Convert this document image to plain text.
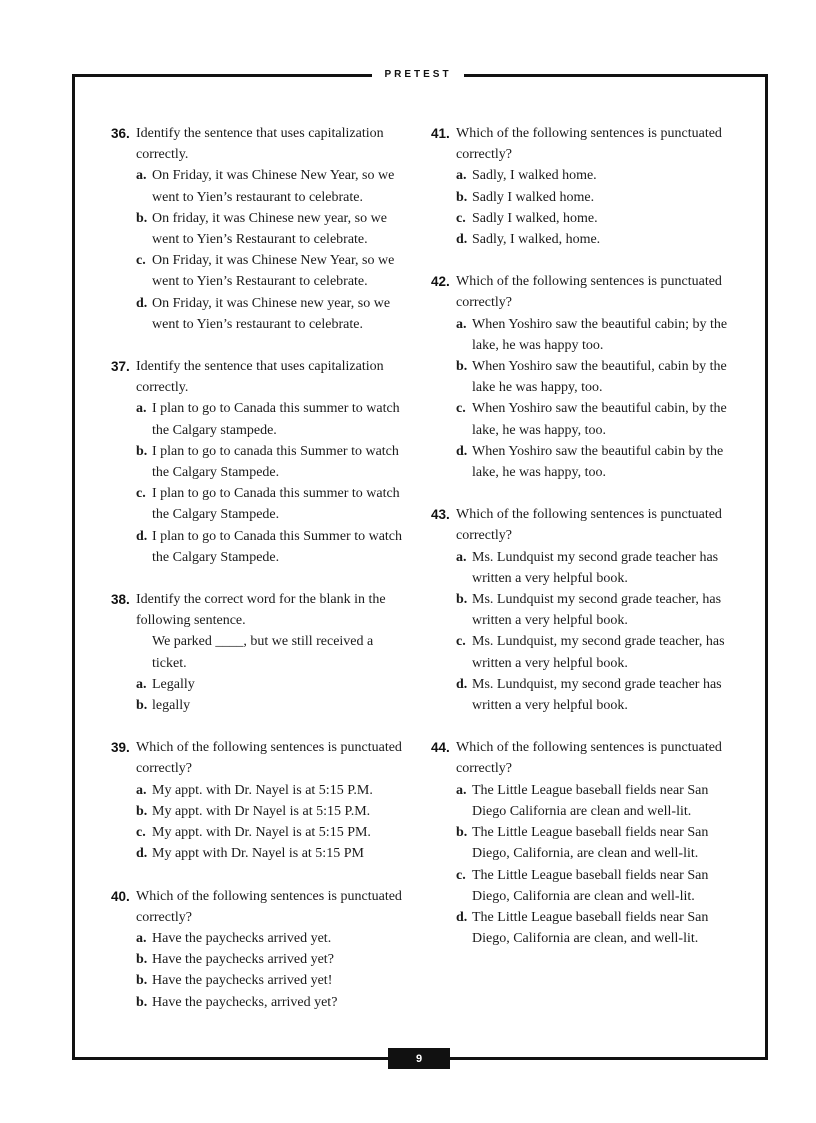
PRETEST
9
36. Identify the sentence that uses capitalization correctly.
a. On Friday, it was Chinese New Year, so we went to Yien’s restaurant to celebrate.
b. On friday, it was Chinese new year, so we went to Yien’s Restaurant to celebrate.
c. On Friday, it was Chinese New Year, so we went to Yien’s Restaurant to celebrate.
d. On Friday, it was Chinese new year, so we went to Yien’s restaurant to celebrate.
37. Identify the sentence that uses capitalization correctly.
a. I plan to go to Canada this summer to watch the Calgary stampede.
b. I plan to go to canada this Summer to watch the Calgary Stampede.
c. I plan to go to Canada this summer to watch the Calgary Stampede.
d. I plan to go to Canada this Summer to watch the Calgary Stampede.
38. Identify the correct word for the blank in the following sentence.
We parked ____, but we still received a ticket.
a. Legally
b. legally
39. Which of the following sentences is punctuated correctly?
a. My appt. with Dr. Nayel is at 5:15 P.M.
b. My appt. with Dr Nayel is at 5:15 P.M.
c. My appt. with Dr. Nayel is at 5:15 PM.
d. My appt with Dr. Nayel is at 5:15 PM
40. Which of the following sentences is punctuated correctly?
a. Have the paychecks arrived yet.
b. Have the paychecks arrived yet?
b. Have the paychecks arrived yet!
b. Have the paychecks, arrived yet?
41. Which of the following sentences is punctuated correctly?
a. Sadly, I walked home.
b. Sadly I walked home.
c. Sadly I walked, home.
d. Sadly, I walked, home.
42. Which of the following sentences is punctuated correctly?
a. When Yoshiro saw the beautiful cabin; by the lake, he was happy too.
b. When Yoshiro saw the beautiful, cabin by the lake he was happy, too.
c. When Yoshiro saw the beautiful cabin, by the lake, he was happy, too.
d. When Yoshiro saw the beautiful cabin by the lake, he was happy, too.
43. Which of the following sentences is punctuated correctly?
a. Ms. Lundquist my second grade teacher has written a very helpful book.
b. Ms. Lundquist my second grade teacher, has written a very helpful book.
c. Ms. Lundquist, my second grade teacher, has written a very helpful book.
d. Ms. Lundquist, my second grade teacher has written a very helpful book.
44. Which of the following sentences is punctuated correctly?
a. The Little League baseball fields near San Diego California are clean and well-lit.
b. The Little League baseball fields near San Diego, California, are clean and well-lit.
c. The Little League baseball fields near San Diego, California are clean and well-lit.
d. The Little League baseball fields near San Diego, California are clean, and well-lit.
